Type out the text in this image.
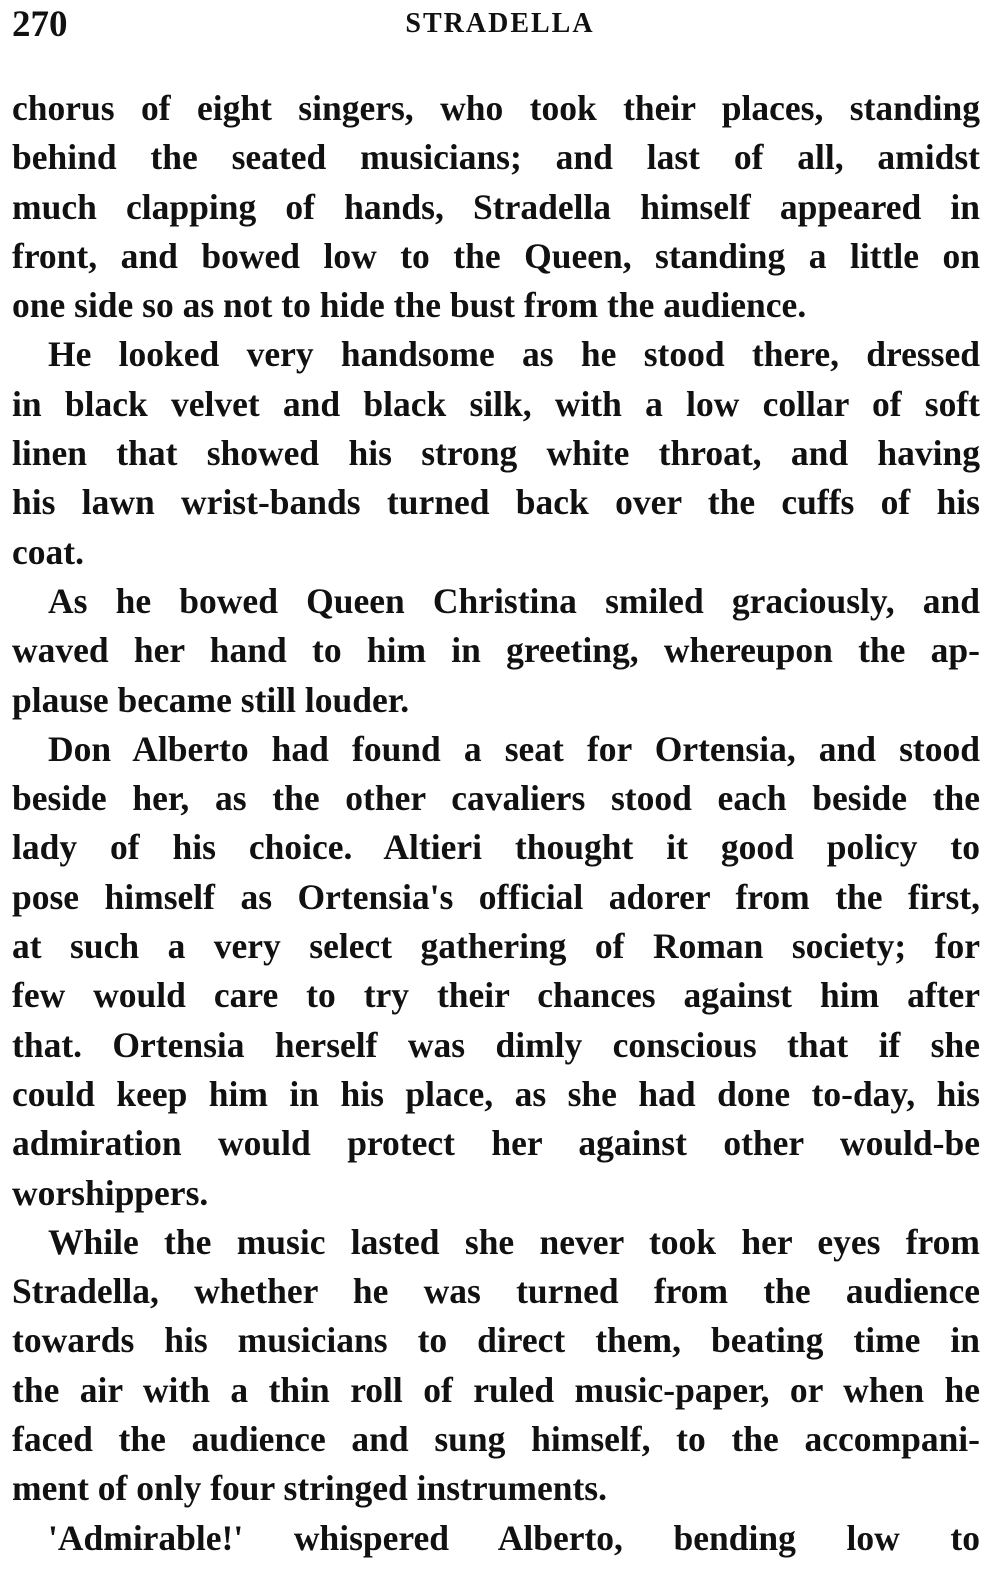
270	STRADELLA
chorus of eight singers, who took their places, standing
behind the seated musicians; and last of all, amidst
much clapping of hands, Stradella himself appeared in
front, and bowed low to the Queen, standing a little on
one side so as not to hide the bust from the audience.
He looked very handsome as he stood there, dressed
in black velvet and black silk, with a low collar of soft
linen that showed his strong white throat, and having
his lawn wrist-bands turned back over the cuffs of his
coat.
As he bowed Queen Christina smiled graciously, and
waved her hand to him in greeting, whereupon the ap-
plause became still louder.
Don Alberto had found a seat for Ortensia, and stood
beside her, as the other cavaliers stood each beside the
lady of his choice. Altieri thought it good policy to
pose himself as Ortensia's official adorer from the first,
at such a very select gathering of Roman society; for
few would care to try their chances against him after
that. Ortensia herself was dimly conscious that if she
could keep him in his place, as she had done to-day, his
admiration would protect her against other would-be
worshippers.
While the music lasted she never took her eyes from
Stradella, whether he was turned from the audience
towards his musicians to direct them, beating time in
the air with a thin roll of ruled music-paper, or when he
faced the audience and sung himself, to the accompani-
ment of only four stringed instruments.
'Admirable!' whispered Alberto, bending low to
